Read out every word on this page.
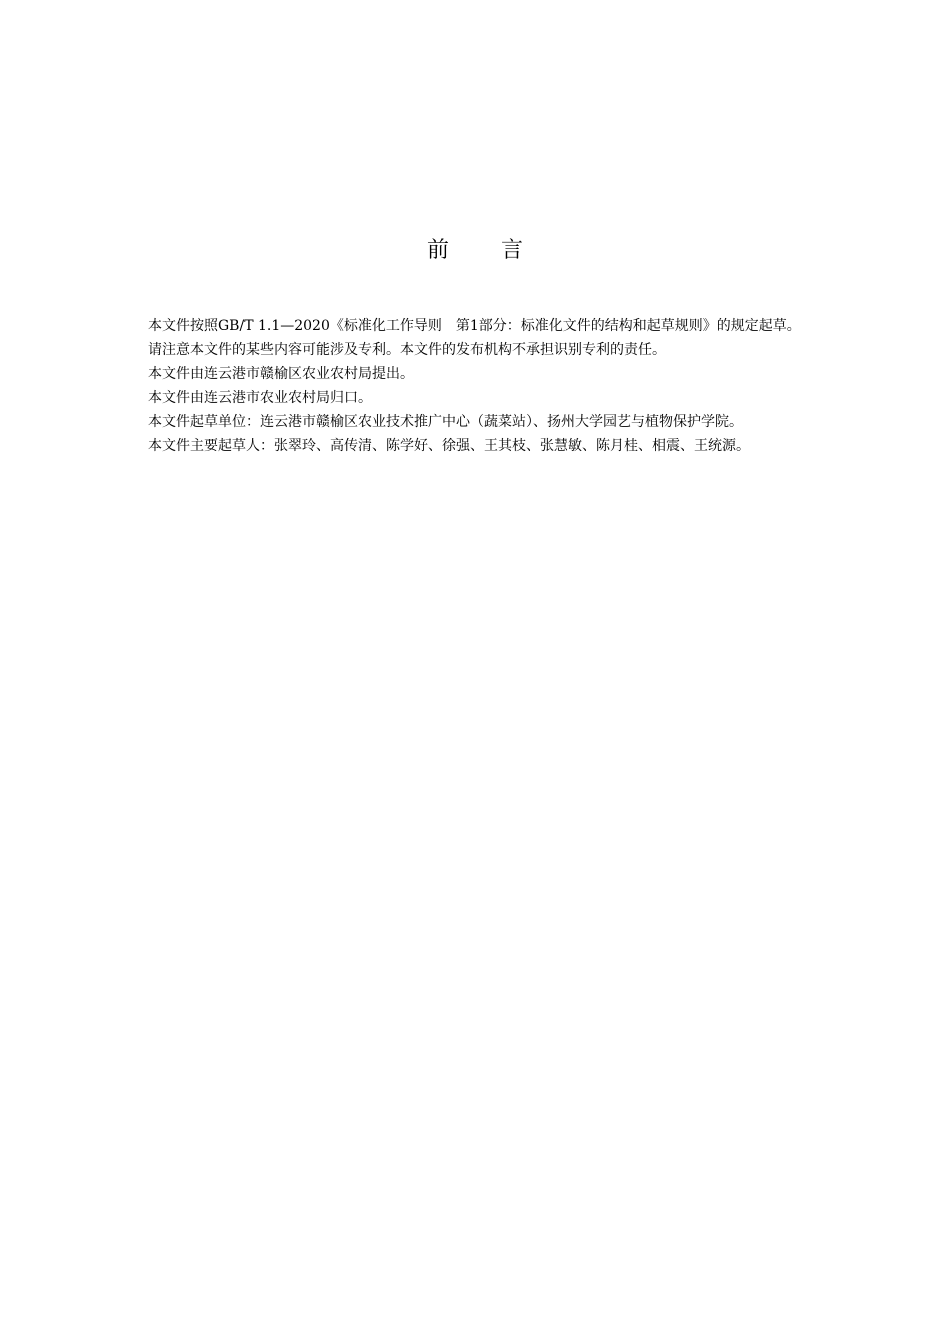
前 言

本文件按照GB/T 1.1—2020《标准化工作导则　第1部分：标准化文件的结构和起草规则》的规定起草。

请注意本文件的某些内容可能涉及专利。本文件的发布机构不承担识别专利的责任。

本文件由连云港市赣榆区农业农村局提出。

本文件由连云港市农业农村局归口。

本文件起草单位：连云港市赣榆区农业技术推广中心（蔬菜站）、扬州大学园艺与植物保护学院。

本文件主要起草人：张翠玲、高传清、陈学好、徐强、王其枝、张慧敏、陈月桂、相震、王统源。
